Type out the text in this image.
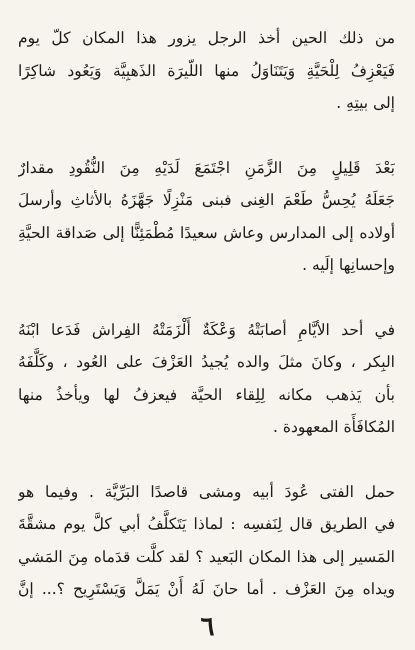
من ذلك الحين أخذ الرجل يزور هذا المكان كلّ يوم
فَيَعْزِفُ لِلْحَيَّةِ وَيَتَنَاوَلُ منها اللّيرَة الذَهبِيَّة وَيَعُود شاكِرًا
إلى بيتِهِ .
بَعْدَ قَلِيلٍ مِنَ الزَّمَنِ اجْتَمَعَ لَدَيْهِ مِنَ النُّقُودِ مقدارٌ
جَعَلَهُ يُحِسُّ طَعْمَ الغِنى فبنى مَنْزِلًا جَهَّزَهُ بالأثاثِ وأرسلَ
أولاده إلى المدارس وعاش سعيدًا مُطْمَئِنًّا إلى صَداقة الحيَّةِ
وإحسانِها إلَيه .
في أحد الأيَّامِ أصابَتْهُ وَعْكَةٌ أَلْزَمَتْهُ الفِراش فَدَعا ابْنَهُ
البِكر ، وكانَ مثلَ والده يُجيدُ العَزْفَ على العُود ، وكَلَّفَهُ
بأن يَذهب مكانه لِلِقاء الحيَّة فيعزفُ لها ويأخذُ منها
المُكافَأَة المعهودة .
حمل الفتى عُودَ أبيه ومشى قاصدًا البَرِّيَّة . وفيما هو
في الطريق قال لِنَفسِه : لماذا يَتَكلَّفُ أبي كلَّ يوم مشقَّةَ
المَسير إلى هذا المكان البَعيد ؟ لقد كلَّت قدَماه مِنَ المَشي
ويداه مِنَ العَزْف . أما حانَ لَهُ أَنْ يَمَلَّ وَيَسْتَرِيح ؟... إنَّ
٦
